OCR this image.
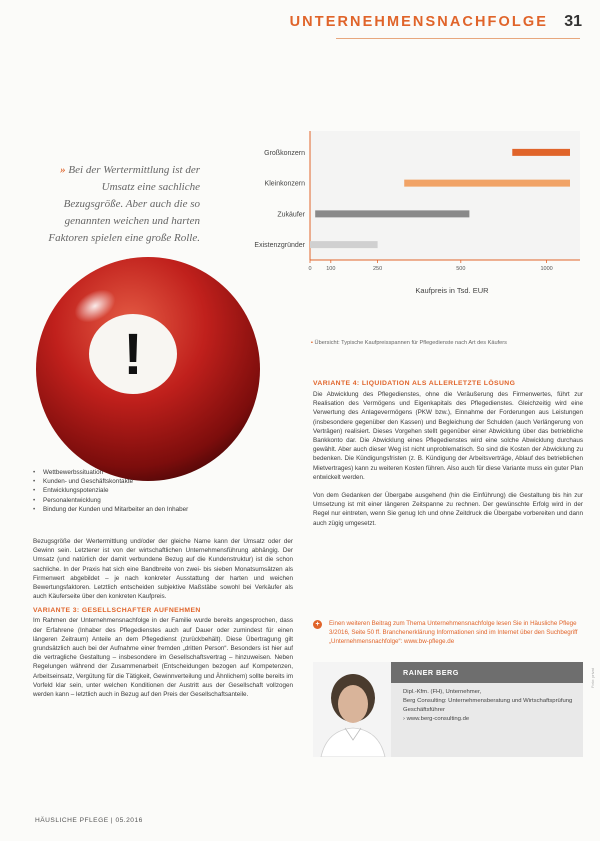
UNTERNEHMENSNACHFOLGE 31
» Bei der Wertermittlung ist der Umsatz eine sachliche Bezugsgröße. Aber auch die so genannten weichen und harten Faktoren spielen eine große Rolle.
Großkonzern
Kleinkonzern
Zukäufer
Existenzgründer
0	100	250	500	1000
Kaufpreis in Tsd. EUR
▪ Übersicht: Typische Kaufpreisspannen für Pflegedienste nach Art des Käufers
!	VARIANTE 4: LIQUIDATION ALS ALLERLETZTE LÖSUNG

Die Abwicklung des Pflegedienstes, ohne die Veräußerung des Firmenwertes, führt zur Realisation des Vermögens und Eigenkapitals des Pflegedienstes. Gleichzeitig wird eine Verwertung des Anlagevermögens (PKW bzw.), Einnahme der Forderungen aus Leistungen (insbesondere gegenüber den Kassen) und Begleichung der Schulden (auch Verlängerung von Verträgen) realisiert. Dieses Vorgehen stellt gegenüber einer Abwicklung über das betriebliche Bankkonto dar. Die Abwicklung eines Pflegedienstes wird eine solche Abwicklung durchaus gewählt. Aber auch dieser Weg ist nicht unproblematisch. So sind die Kosten der Abwicklung zu bedenken. Die Kündigungsfristen (z. B. Kündigung der Arbeitsverträge, Ablauf des betrieblichen Mietvertrages) kann zu weiteren Kosten führen. Also auch für diese Variante muss ein guter Plan entwickelt werden.

Von dem Gedanken der Übergabe ausgehend (hin die Einführung) die Gestaltung bis hin zur Umsetzung ist mit einer längeren Zeitspanne zu rechnen. Der gewünschte Erfolg wird in der Regel nur eintreten, wenn Sie genug Ich und ohne Zeitdruck die Übergabe vorbereiten und dann auch zügig umgesetzt.

• Wettbewerbssituation
• Kunden- und Geschäftskontakte
• Entwicklungspotenziale
• Personalentwicklung
• Bindung der Kunden und Mitarbeiter an den Inhaber

Bezugsgröße der Wertermittlung und/oder der gleiche Name kann der Umsatz oder der Gewinn sein. Letzterer ist von der wirtschaftlichen Unternehmensführung abhängig. Der Umsatz (und natürlich der damit verbundene Bezug auf die Kundenstruktur) ist die schon sachliche. In der Praxis hat sich eine Bandbreite von zwei- bis sieben Monatsumsätzen als Firmenwert abgebildet – je nach konkreter Ausstattung der harten und weichen Bewertungsfaktoren. Letztlich entscheiden subjektive Maßstäbe sowohl bei Verkäufer als auch Käuferseite über den konkreten Kaufpreis.

VARIANTE 3: GESELLSCHAFTER AUFNEHMEN

Im Rahmen der Unternehmensnachfolge in der Familie wurde bereits angesprochen, dass der Erfahrene (Inhaber des Pflegedienstes auch auf Dauer oder zumindest für einen längeren Zeitraum) Anteile an dem Pflegedienst (zurückbehält). Diese Übertragung gilt grundsätzlich auch bei der Aufnahme einer fremden „dritten Person“. Besonders ist hier auf die vertragliche Gestaltung – insbesondere im Gesellschaftsvertrag – hinzuweisen. Neben Regelungen während der Zusammenarbeit (Entscheidungen bezogen auf Kompetenzen, Arbeitseinsatz, Vergütung für die Tätigkeit, Gewinnverteilung und Ähnlichem) sollte bereits im Vorfeld klar sein, unter welchen Konditionen der Austritt aus der Gesellschaft vollzogen werden kann – letztlich auch in Bezug auf den Preis der Gesellschaftsanteile.

+	Einen weiteren Beitrag zum Thema Unternehmensnachfolge lesen Sie in Häusliche Pflege 3/2016, Seite 50 ff. Branchenerklärung Informationen sind im Internet über den Suchbegriff „Unternehmensnachfolge“: www.bw-pflege.de
RAINER BERG
Dipl.-Kfm. (FH), Unternehmer,
Berg Consulting: Unternehmensberatung und Wirtschaftsprüfung
Geschäftsführer
› www.berg-consulting.de
Foto: privat
HÄUSLICHE PFLEGE | 05.2016
